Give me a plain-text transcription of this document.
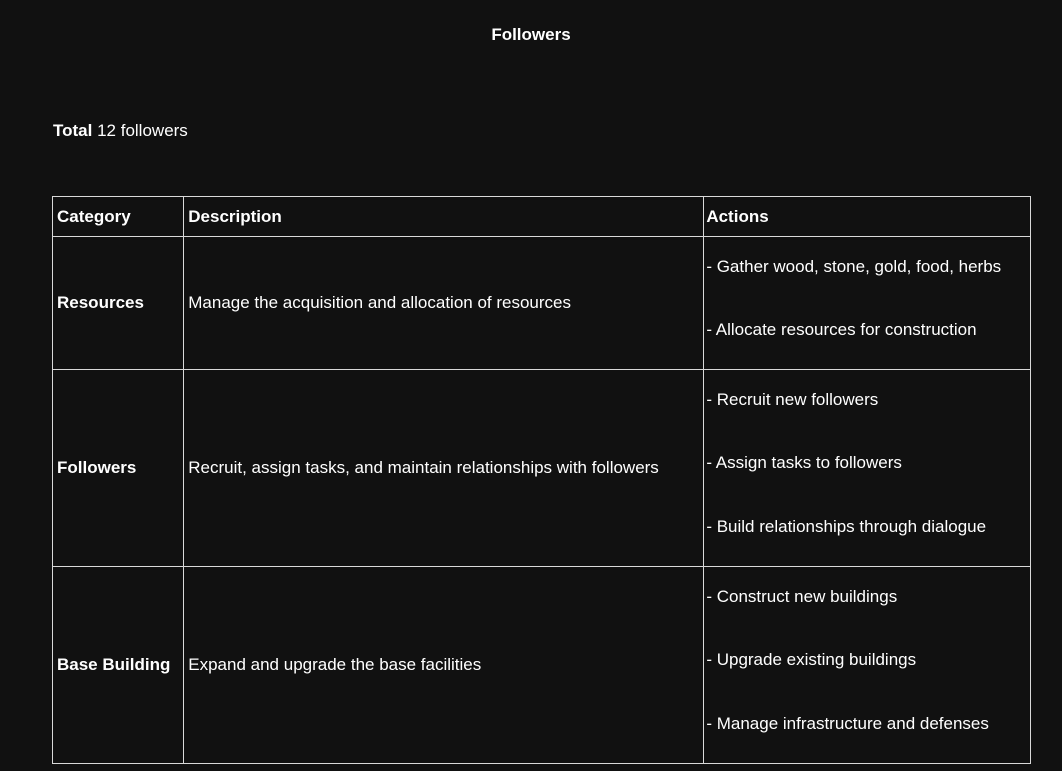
Followers
Total 12 followers
Category	Description	Actions
Resources	Manage the acquisition and allocation of resources	- Gather wood, stone, gold, food, herbs
- Allocate resources for construction

Followers	Recruit, assign tasks, and maintain relationships with followers	- Recruit new followers
- Assign tasks to followers
- Build relationships through dialogue

Base Building	Expand and upgrade the base facilities	- Construct new buildings
- Upgrade existing buildings
- Manage infrastructure and defenses
